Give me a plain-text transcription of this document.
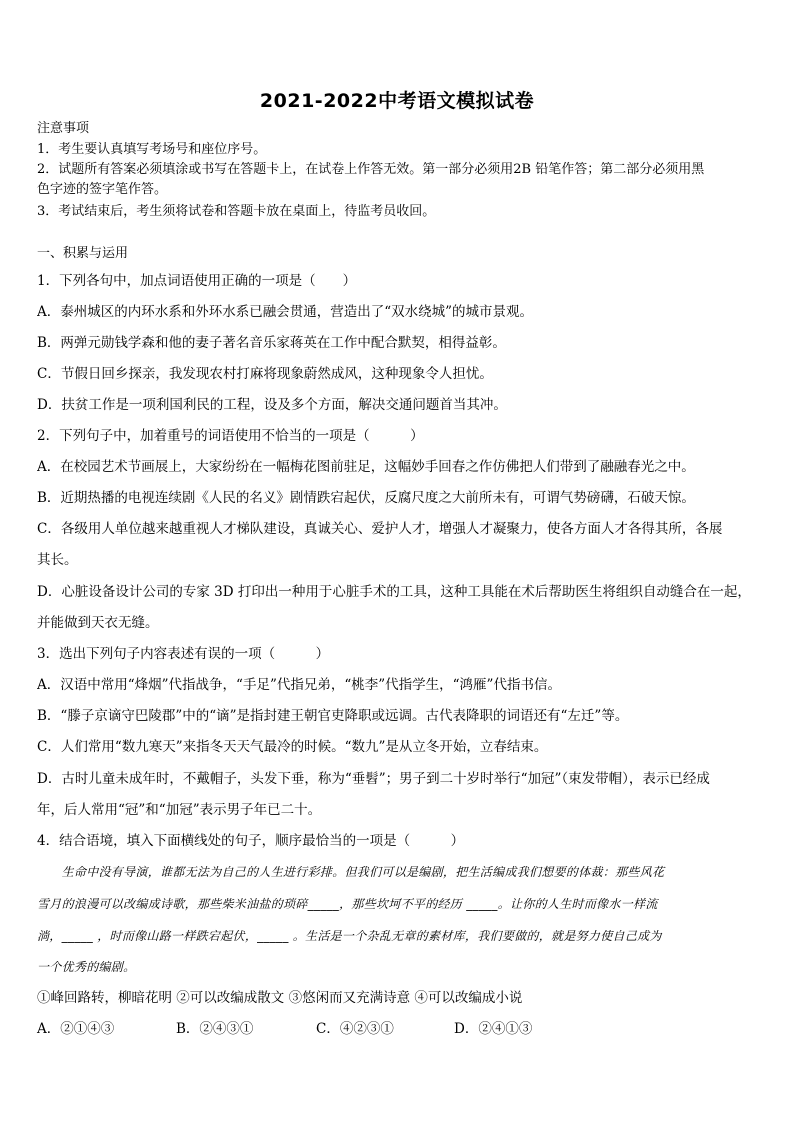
2021-2022中考语文模拟试卷
注意事项
1．考生要认真填写考场号和座位序号。
2．试题所有答案必须填涂或书写在答题卡上，在试卷上作答无效。第一部分必须用2B 铅笔作答；第二部分必须用黑
色字迹的签字笔作答。
3．考试结束后，考生须将试卷和答题卡放在桌面上，待监考员收回。
一、积累与运用
1．下列各句中，加点词语使用正确的一项是（　　）
A．泰州城区的内环水系和外环水系已融会贯通，营造出了“双水绕城”的城市景观。
B．两弹元勋钱学森和他的妻子著名音乐家蒋英在工作中配合默契，相得益彰。
C．节假日回乡探亲，我发现农村打麻将现象蔚然成风，这种现象令人担忧。
D．扶贫工作是一项利国利民的工程，设及多个方面，解决交通问题首当其冲。
2．下列句子中，加着重号的词语使用不恰当的一项是（　　　）
A．在校园艺术节画展上，大家纷纷在一幅梅花图前驻足，这幅妙手回春之作仿佛把人们带到了融融春光之中。
B．近期热播的电视连续剧《人民的名义》剧情跌宕起伏，反腐尺度之大前所未有，可谓气势磅礴，石破天惊。
C．各级用人单位越来越重视人才梯队建设，真诚关心、爱护人才，增强人才凝聚力，使各方面人才各得其所，各展
其长。
D．心脏设备设计公司的专家 3D 打印出一种用于心脏手术的工具，这种工具能在术后帮助医生将组织自动缝合在一起，
并能做到天衣无缝。
3．选出下列句子内容表述有误的一项（　　　）
A．汉语中常用“烽烟”代指战争，“手足”代指兄弟，“桃李”代指学生，“鸿雁”代指书信。
B．“滕子京谪守巴陵郡”中的“谪”是指封建王朝官吏降职或远调。古代表降职的词语还有“左迁”等。
C．人们常用“数九寒天”来指冬天天气最冷的时候。“数九”是从立冬开始，立春结束。
D．古时儿童未成年时，不戴帽子，头发下垂，称为“垂髫”；男子到二十岁时举行“加冠”（束发带帽），表示已经成
年，后人常用“冠”和“加冠”表示男子年已二十。
4．结合语境，填入下面横线处的句子，顺序最恰当的一项是（　　　）
　　生命中没有导演，谁都无法为自己的人生进行彩排。但我们可以是编剧，把生活编成我们想要的体裁：那些风花
雪月的浪漫可以改编成诗歌，那些柴米油盐的琐碎_____，那些坎坷不平的经历 _____。让你的人生时而像水一样流
淌，_____ ，时而像山路一样跌宕起伏，_____ 。生活是一个杂乱无章的素材库，我们要做的，就是努力使自己成为
一个优秀的编剧。
①峰回路转，柳暗花明 ②可以改编成散文 ③悠闲而又充满诗意 ④可以改编成小说
A．②①④③	B．②④③①	C．④②③①	D．②④①③
